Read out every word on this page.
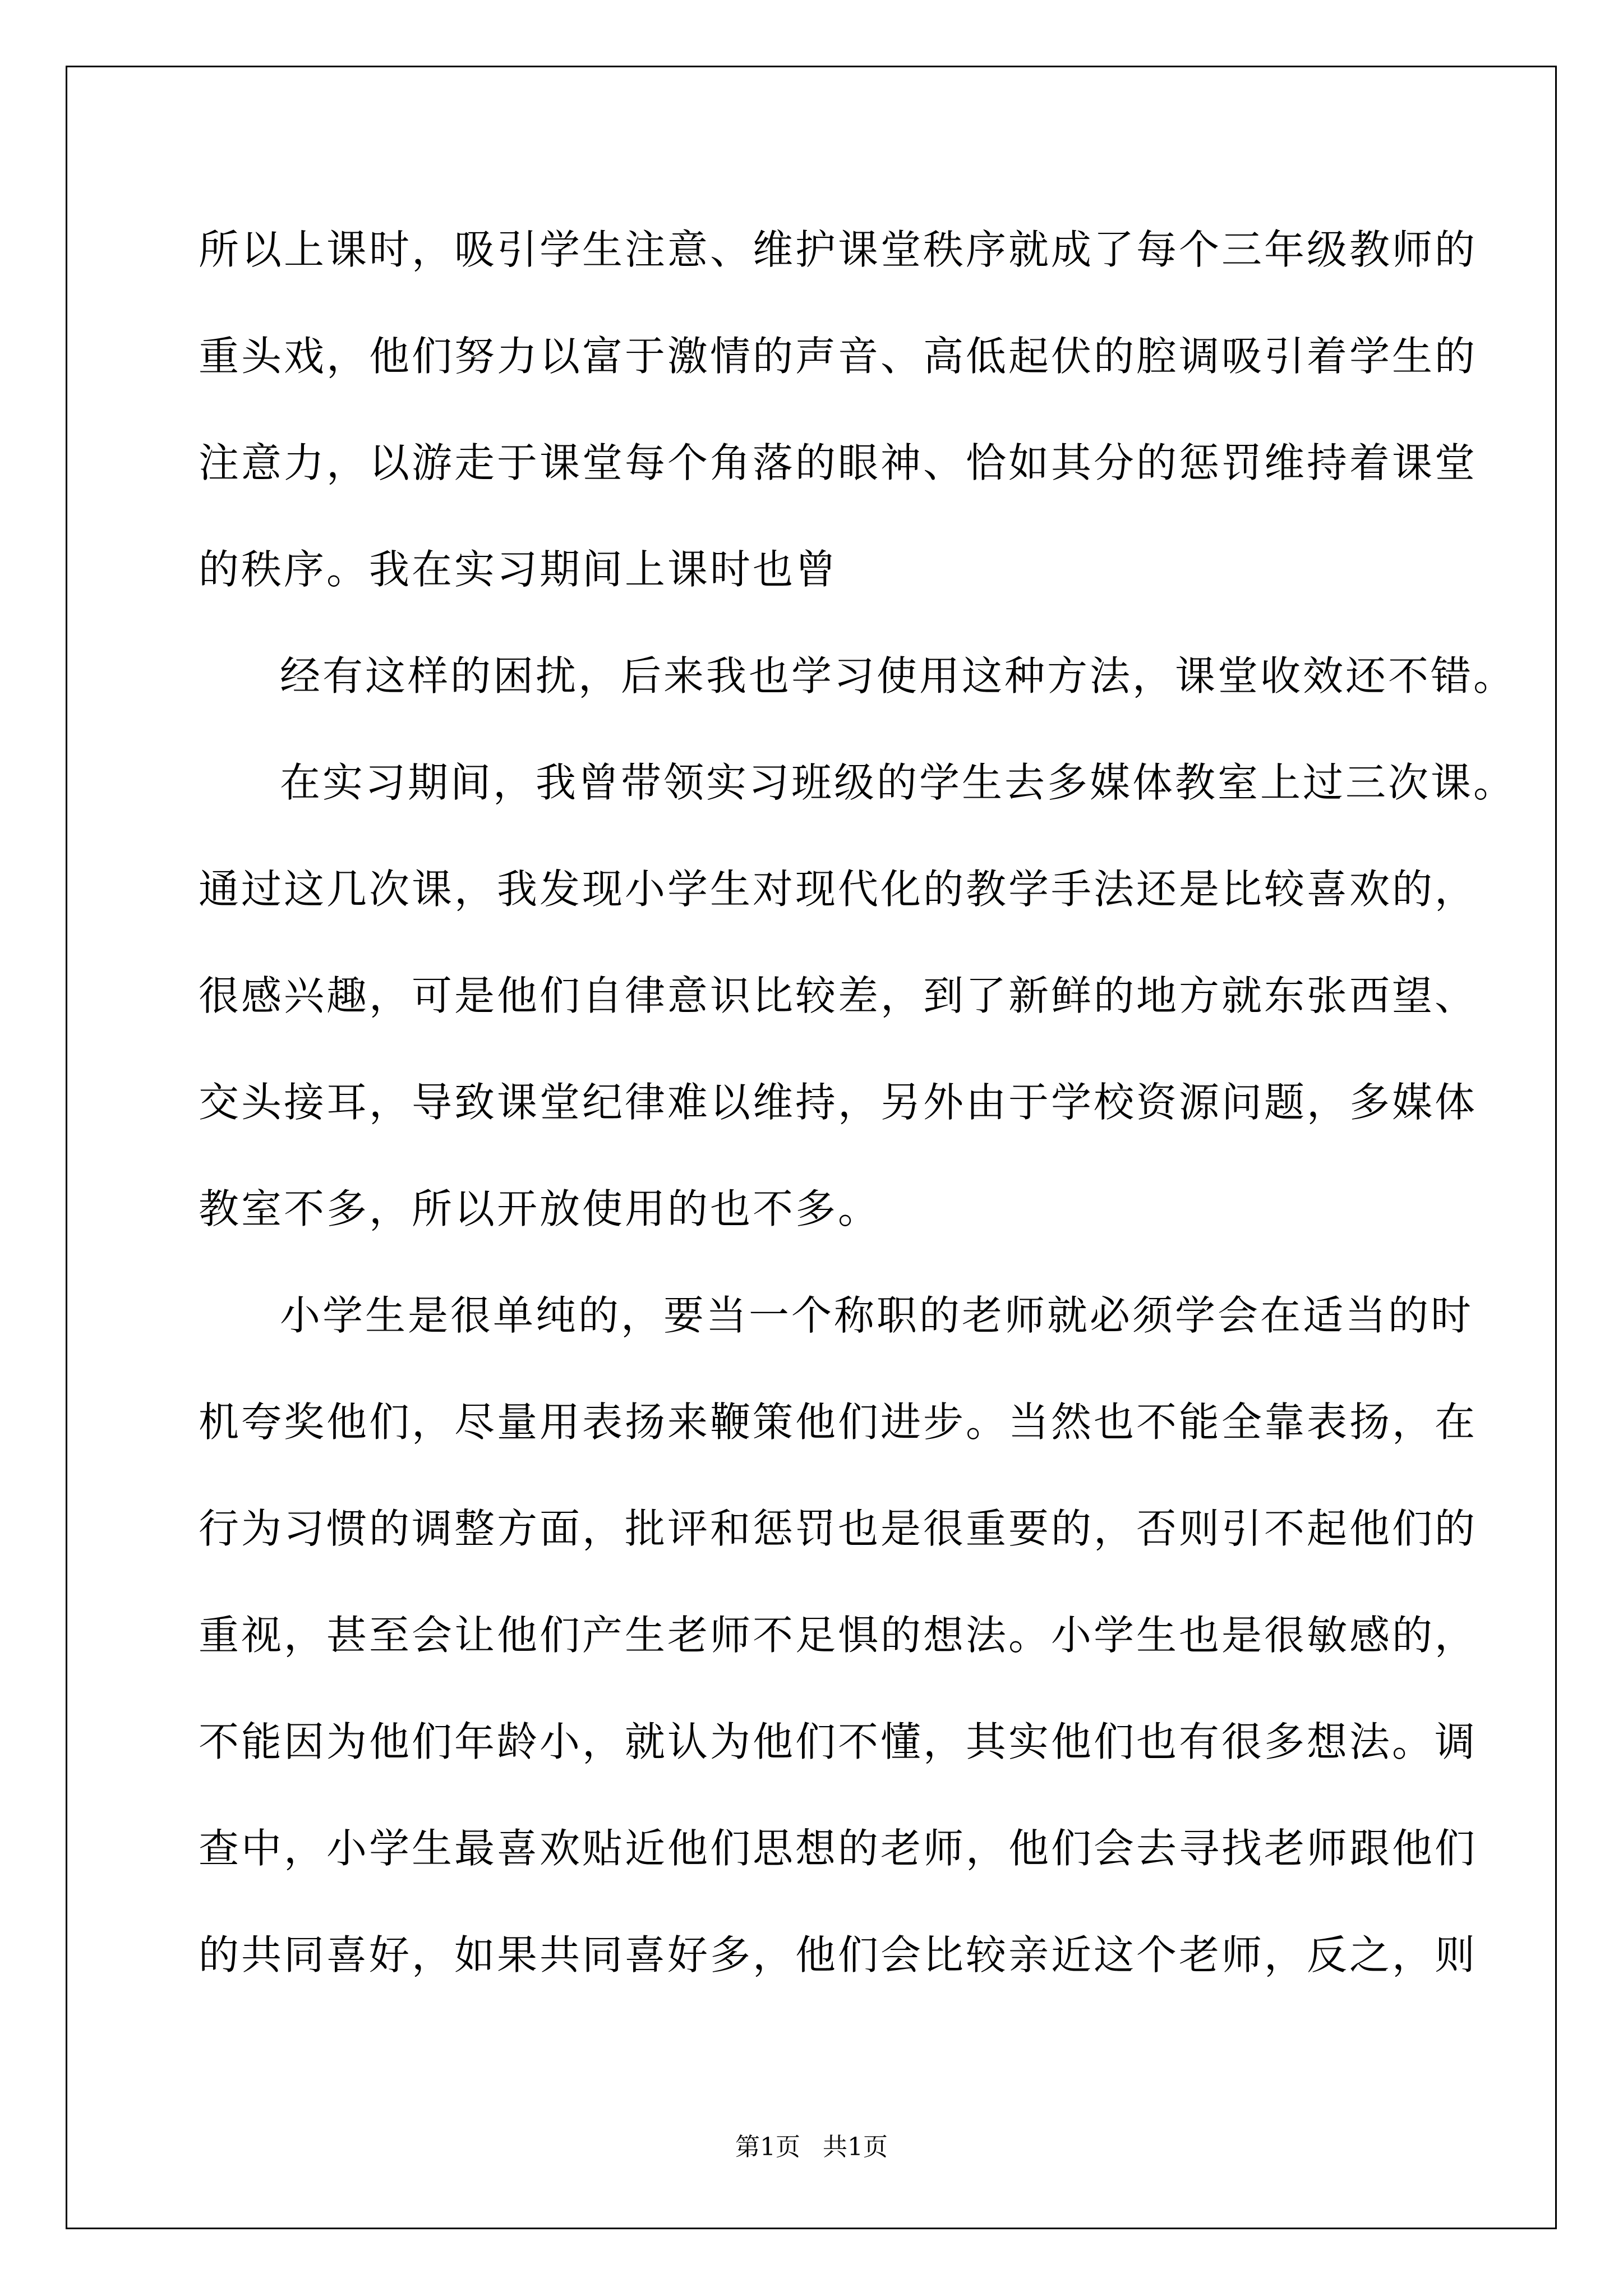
所以上课时，吸引学生注意、维护课堂秩序就成了每个三年级教师的

重头戏，他们努力以富于激情的声音、高低起伏的腔调吸引着学生的

注意力，以游走于课堂每个角落的眼神、恰如其分的惩罚维持着课堂

的秩序。我在实习期间上课时也曾

经有这样的困扰，后来我也学习使用这种方法，课堂收效还不错。

在实习期间，我曾带领实习班级的学生去多媒体教室上过三次课。

通过这几次课，我发现小学生对现代化的教学手法还是比较喜欢的，

很感兴趣，可是他们自律意识比较差，到了新鲜的地方就东张西望、

交头接耳，导致课堂纪律难以维持，另外由于学校资源问题，多媒体

教室不多，所以开放使用的也不多。

小学生是很单纯的，要当一个称职的老师就必须学会在适当的时

机夸奖他们，尽量用表扬来鞭策他们进步。当然也不能全靠表扬，在

行为习惯的调整方面，批评和惩罚也是很重要的，否则引不起他们的

重视，甚至会让他们产生老师不足惧的想法。小学生也是很敏感的，

不能因为他们年龄小，就认为他们不懂，其实他们也有很多想法。调

查中，小学生最喜欢贴近他们思想的老师，他们会去寻找老师跟他们

的共同喜好，如果共同喜好多，他们会比较亲近这个老师，反之，则

第1页 共1页
